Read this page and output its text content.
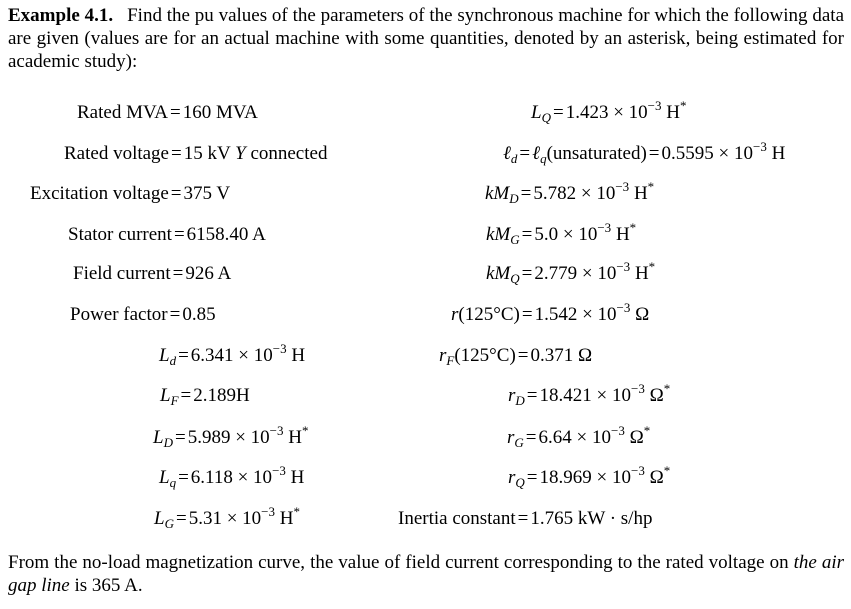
Example 4.1. Find the pu values of the parameters of the synchronous machine for which the following data are given (values are for an actual machine with some quantities, denoted by an asterisk, being estimated for academic study):
Rated MVA = 160 MVA
Rated voltage = 15 kV Y connected
Excitation voltage = 375 V
Stator current = 6158.40 A
Field current = 926 A
Power factor = 0.85
$L_d = 6.341 \times 10^{-3}$ H
$L_F = 2.189H$
$L_D = 5.989 \times 10^{-3}$ H*
$L_q = 6.118 \times 10^{-3}$ H
$L_G = 5.31 \times 10^{-3}$ H*
$L_Q = 1.423 \times 10^{-3}$ H*
ℓ$_d$ = ℓ$_q$(unsaturated) = $0.5595 \times 10^{-3}$ H
$kM_D = 5.782 \times 10^{-3}$ H*
$kM_G = 5.0 \times 10^{-3}$ H*
$kM_Q = 2.779 \times 10^{-3}$ H*
$r(125^\circ C) = 1.542 \times 10^{-3}$ Ω
$r_F(125^\circ C) = 0.371$ Ω
$r_D = 18.421 \times 10^{-3}$ Ω*
$r_G = 6.64 \times 10^{-3}$ Ω*
$r_Q = 18.969 \times 10^{-3}$ Ω*
Inertia constant = 1.765 kW · s/hp
From the no-load magnetization curve, the value of field current corresponding to the rated voltage on the air gap line is 365 A.
